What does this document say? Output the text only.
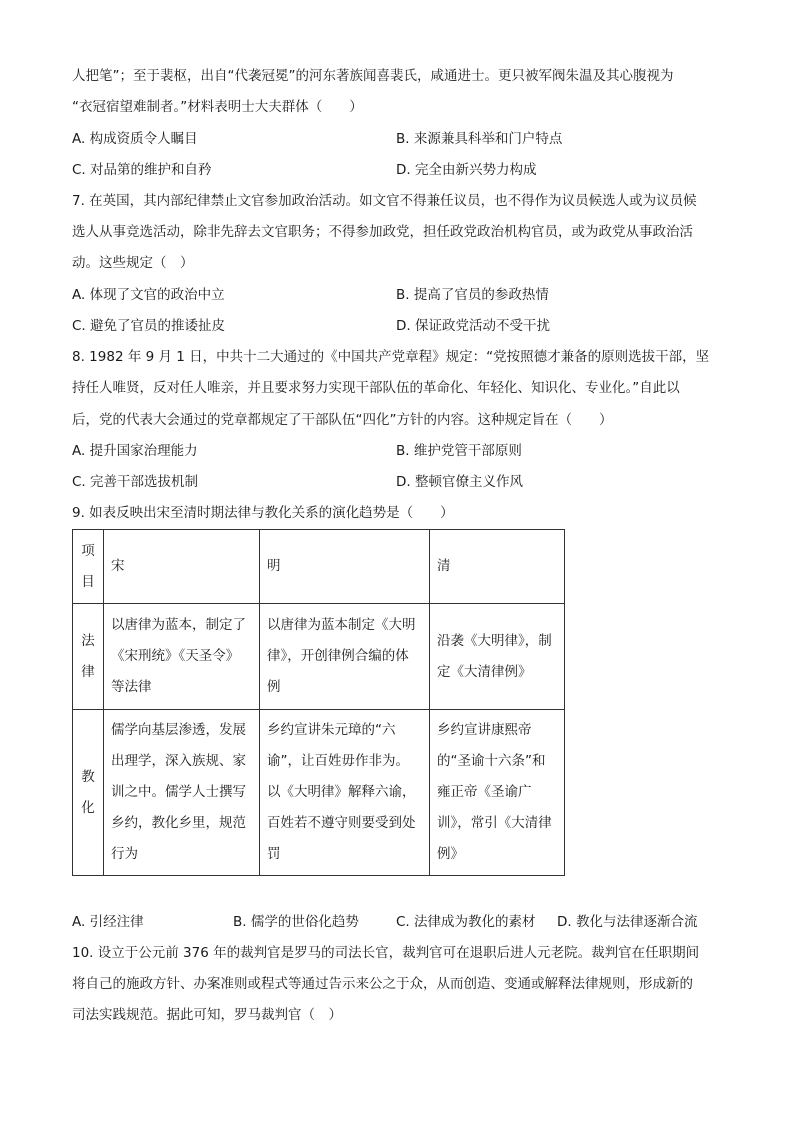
人把笔”；至于裴枢，出自“代袭冠冕”的河东著族闻喜裴氏，咸通进士。更只被军阀朱温及其心腹视为
“衣冠宿望难制者。”材料表明士大夫群体（　　）
A. 构成资质令人瞩目	B. 来源兼具科举和门户特点
C. 对品第的维护和自矜	D. 完全由新兴势力构成
7. 在英国，其内部纪律禁止文官参加政治活动。如文官不得兼任议员，也不得作为议员候选人或为议员候
选人从事竞选活动，除非先辞去文官职务；不得参加政党，担任政党政治机构官员，或为政党从事政治活
动。这些规定（　）
A. 体现了文官的政治中立	B. 提高了官员的参政热情
C. 避免了官员的推诿扯皮	D. 保证政党活动不受干扰
8. 1982 年 9 月 1 日，中共十二大通过的《中国共产党章程》规定：“党按照德才兼备的原则选拔干部，坚
持任人唯贤，反对任人唯亲，并且要求努力实现干部队伍的革命化、年轻化、知识化、专业化。”自此以
后，党的代表大会通过的党章都规定了干部队伍“四化”方针的内容。这种规定旨在（　　）
A. 提升国家治理能力	B. 维护党管干部原则
C. 完善干部选拔机制	D. 整顿官僚主义作风
9. 如表反映出宋至清时期法律与教化关系的演化趋势是（　　）
项目	宋	明	清
法律	以唐律为蓝本，制定了《宋刑统》《天圣令》等法律	以唐律为蓝本制定《大明律》，开创律例合编的体例	沿袭《大明律》，制定《大清律例》
教化	儒学向基层渗透，发展出理学，深入族规、家训之中。儒学人士撰写乡约，教化乡里，规范行为	乡约宣讲朱元璋的“六谕”，让百姓毋作非为。以《大明律》解释六谕，百姓若不遵守则要受到处罚	乡约宣讲康熙帝的“圣谕十六条”和雍正帝《圣谕广训》，常引《大清律例》
A. 引经注律	B. 儒学的世俗化趋势	C. 法律成为教化的素材 D. 教化与法律逐渐合流
10. 设立于公元前 376 年的裁判官是罗马的司法长官，裁判官可在退职后进人元老院。裁判官在任职期间
将自己的施政方针、办案准则或程式等通过告示来公之于众，从而创造、变通或解释法律规则，形成新的
司法实践规范。据此可知，罗马裁判官（　）
